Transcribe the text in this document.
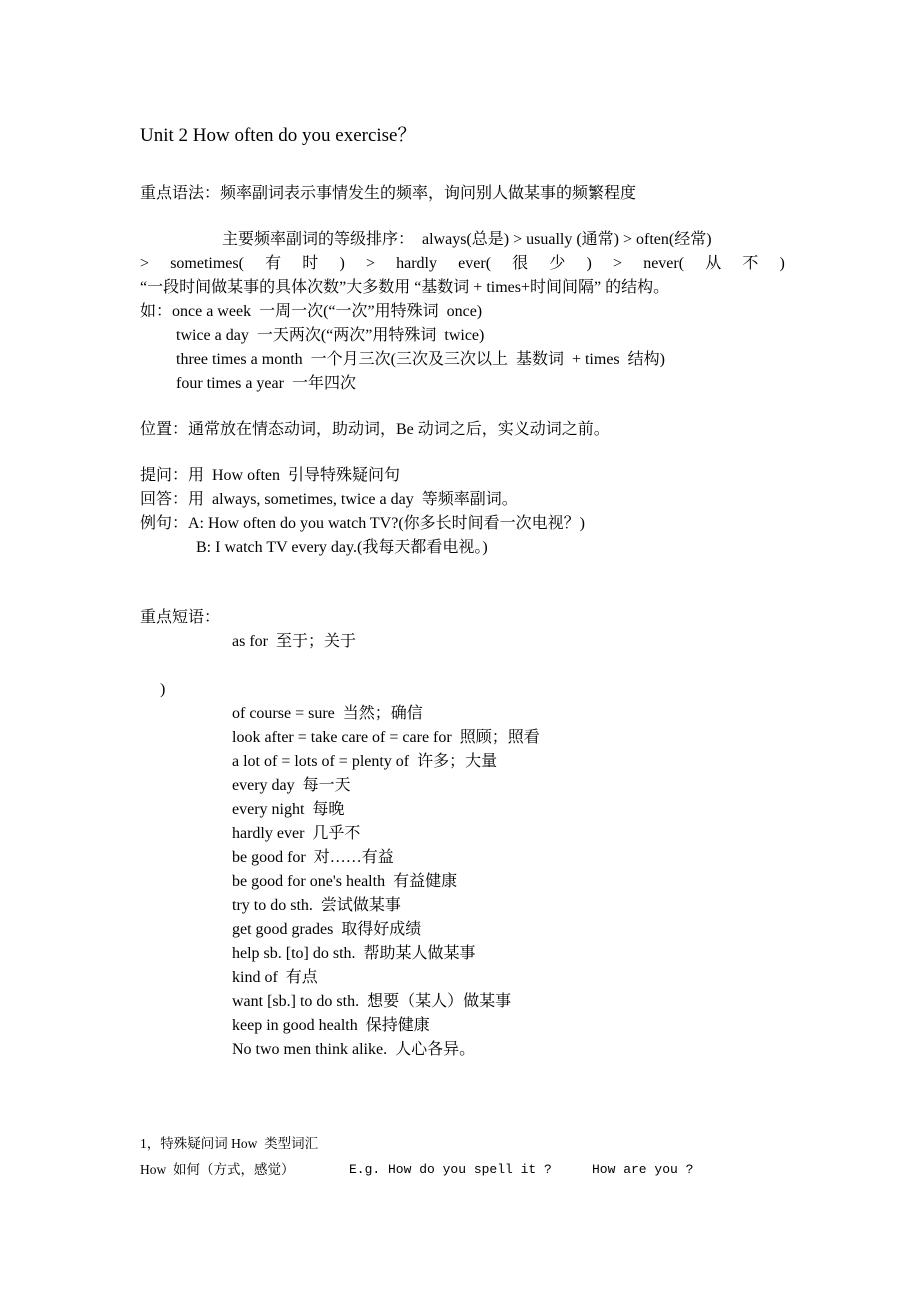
Unit 2 How often do you exercise？
重点语法：频率副词表示事情发生的频率，询问别人做某事的频繁程度
主要频率副词的等级排序：  always(总是) > usually (通常) > often(经常)
> sometimes( 有 时 ) > hardly ever( 很 少 ) > never( 从 不 )
“一段时间做某事的具体次数”大多数用 “基数词 + times+时间间隔” 的结构。
如：once a week  一周一次(“一次”用特殊词  once)
twice a day  一天两次(“两次”用特殊词  twice)
three times a month  一个月三次(三次及三次以上  基数词  + times  结构)
four times a year  一年四次
位置：通常放在情态动词，助动词，Be 动词之后，实义动词之前。
提问：用  How often  引导特殊疑问句
回答：用  always, sometimes, twice a day  等频率副词。
例句：A: How often do you watch TV?(你多长时间看一次电视？)
B: I watch TV every day.(我每天都看电视。)
重点短语：
as for  至于；关于
)
of course = sure  当然；确信
look after = take care of = care for  照顾；照看
a lot of = lots of = plenty of  许多；大量
every day  每一天
every night  每晚
hardly ever  几乎不
be good for  对……有益
be good for one's health  有益健康
try to do sth.  尝试做某事
get good grades  取得好成绩
help sb. [to] do sth.  帮助某人做某事
kind of  有点
want [sb.] to do sth.  想要（某人）做某事
keep in good health  保持健康
No two men think alike.  人心各异。
1，特殊疑问词 How  类型词汇
How  如何（方式，感觉）	E.g. How do you spell it ?	How are you ?
